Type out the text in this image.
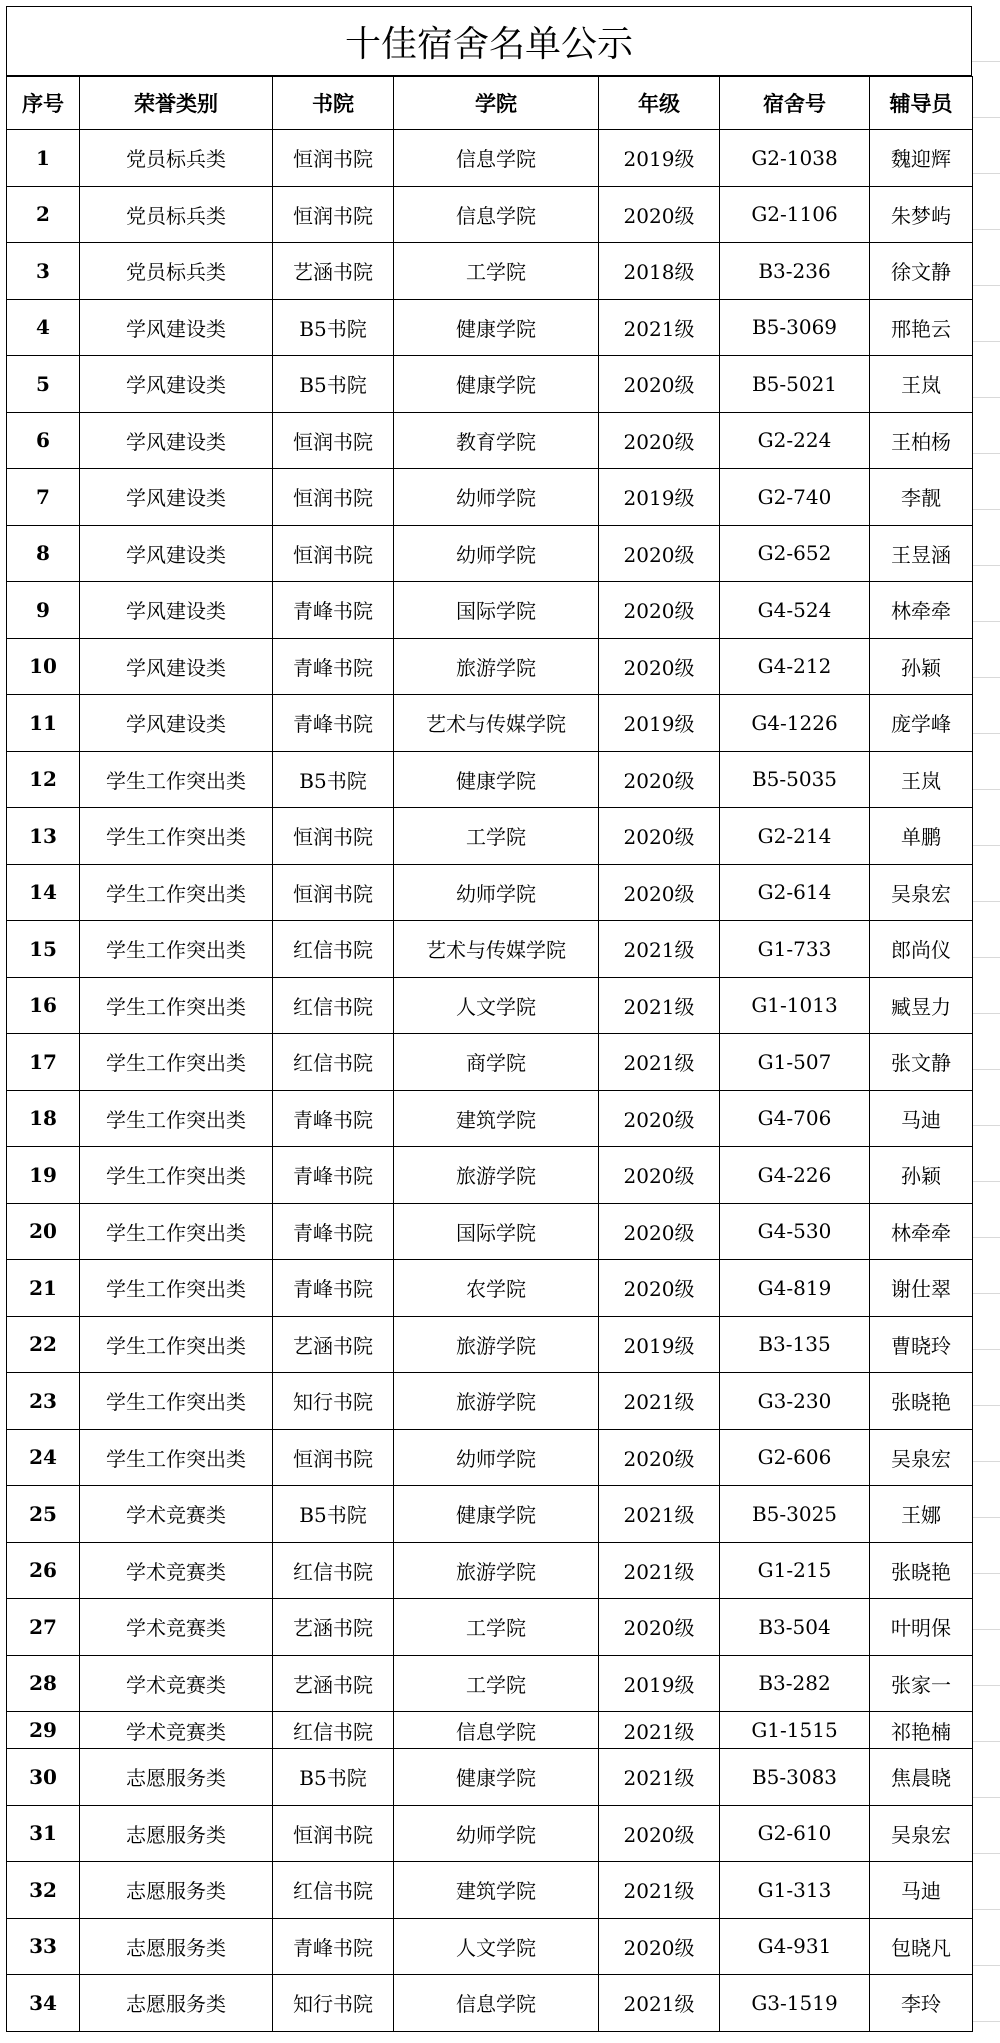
十佳宿舍名单公示
序号	荣誉类别	书院	学院	年级	宿舍号	辅导员
1	党员标兵类	恒润书院	信息学院	2019级	G2-1038	魏迎辉
2	党员标兵类	恒润书院	信息学院	2020级	G2-1106	朱梦屿
3	党员标兵类	艺涵书院	工学院	2018级	B3-236	徐文静
4	学风建设类	B5书院	健康学院	2021级	B5-3069	邢艳云
5	学风建设类	B5书院	健康学院	2020级	B5-5021	王岚
6	学风建设类	恒润书院	教育学院	2020级	G2-224	王柏杨
7	学风建设类	恒润书院	幼师学院	2019级	G2-740	李靓
8	学风建设类	恒润书院	幼师学院	2020级	G2-652	王昱涵
9	学风建设类	青峰书院	国际学院	2020级	G4-524	林牵牵
10	学风建设类	青峰书院	旅游学院	2020级	G4-212	孙颖
11	学风建设类	青峰书院	艺术与传媒学院	2019级	G4-1226	庞学峰
12	学生工作突出类	B5书院	健康学院	2020级	B5-5035	王岚
13	学生工作突出类	恒润书院	工学院	2020级	G2-214	单鹏
14	学生工作突出类	恒润书院	幼师学院	2020级	G2-614	吴泉宏
15	学生工作突出类	红信书院	艺术与传媒学院	2021级	G1-733	郎尚仪
16	学生工作突出类	红信书院	人文学院	2021级	G1-1013	臧昱力
17	学生工作突出类	红信书院	商学院	2021级	G1-507	张文静
18	学生工作突出类	青峰书院	建筑学院	2020级	G4-706	马迪
19	学生工作突出类	青峰书院	旅游学院	2020级	G4-226	孙颖
20	学生工作突出类	青峰书院	国际学院	2020级	G4-530	林牵牵
21	学生工作突出类	青峰书院	农学院	2020级	G4-819	谢仕翠
22	学生工作突出类	艺涵书院	旅游学院	2019级	B3-135	曹晓玲
23	学生工作突出类	知行书院	旅游学院	2021级	G3-230	张晓艳
24	学生工作突出类	恒润书院	幼师学院	2020级	G2-606	吴泉宏
25	学术竞赛类	B5书院	健康学院	2021级	B5-3025	王娜
26	学术竞赛类	红信书院	旅游学院	2021级	G1-215	张晓艳
27	学术竞赛类	艺涵书院	工学院	2020级	B3-504	叶明保
28	学术竞赛类	艺涵书院	工学院	2019级	B3-282	张家一
29	学术竞赛类	红信书院	信息学院	2021级	G1-1515	祁艳楠
30	志愿服务类	B5书院	健康学院	2021级	B5-3083	焦晨晓
31	志愿服务类	恒润书院	幼师学院	2020级	G2-610	吴泉宏
32	志愿服务类	红信书院	建筑学院	2021级	G1-313	马迪
33	志愿服务类	青峰书院	人文学院	2020级	G4-931	包晓凡
34	志愿服务类	知行书院	信息学院	2021级	G3-1519	李玲
